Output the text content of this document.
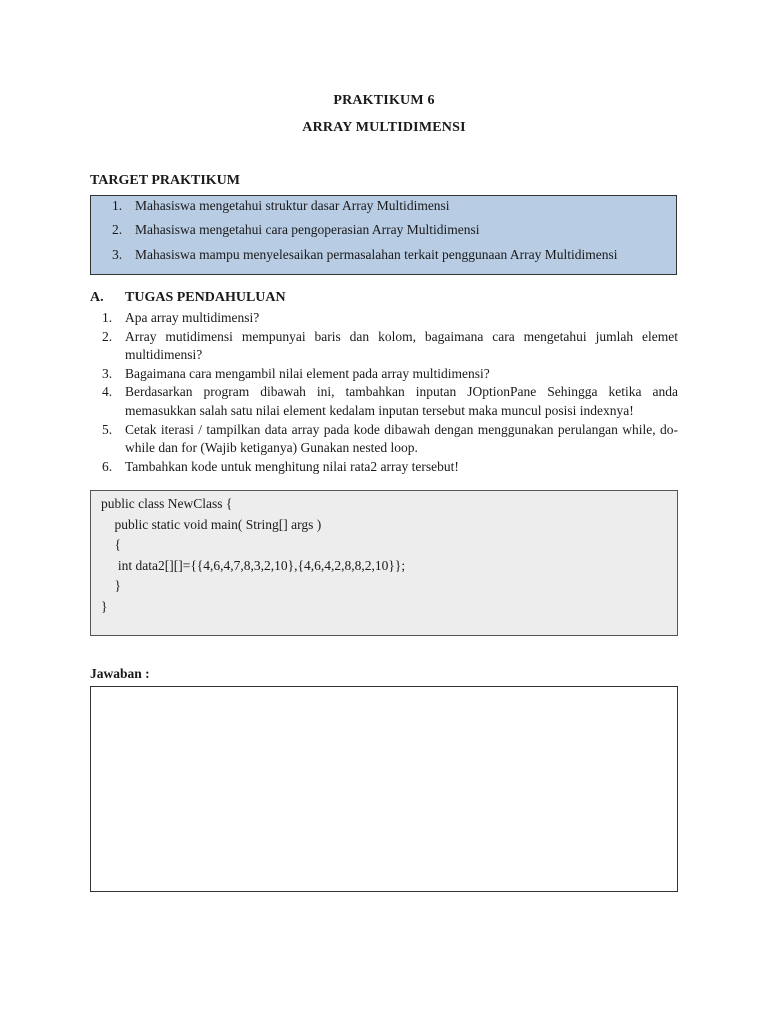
PRAKTIKUM 6
ARRAY MULTIDIMENSI
TARGET PRAKTIKUM
1. Mahasiswa mengetahui struktur dasar Array Multidimensi
2. Mahasiswa mengetahui cara pengoperasian Array Multidimensi
3. Mahasiswa mampu menyelesaikan permasalahan terkait penggunaan Array Multidimensi
A. TUGAS PENDAHULUAN
1. Apa array multidimensi?
2. Array mutidimensi mempunyai baris dan kolom, bagaimana cara mengetahui jumlah elemet multidimensi?
3. Bagaimana cara mengambil nilai element pada array multidimensi?
4. Berdasarkan program dibawah ini, tambahkan inputan JOptionPane Sehingga ketika anda memasukkan salah satu nilai element kedalam inputan tersebut maka muncul posisi indexnya!
5. Cetak iterasi / tampilkan data array pada kode dibawah dengan menggunakan perulangan while, do-while dan for (Wajib ketiganya) Gunakan nested loop.
6. Tambahkan kode untuk menghitung nilai rata2 array tersebut!
public class NewClass {
public static void main( String[] args )
{
int data2[][]={{4,6,4,7,8,3,2,10},{4,6,4,2,8,8,2,10}};
}
}
Jawaban :
